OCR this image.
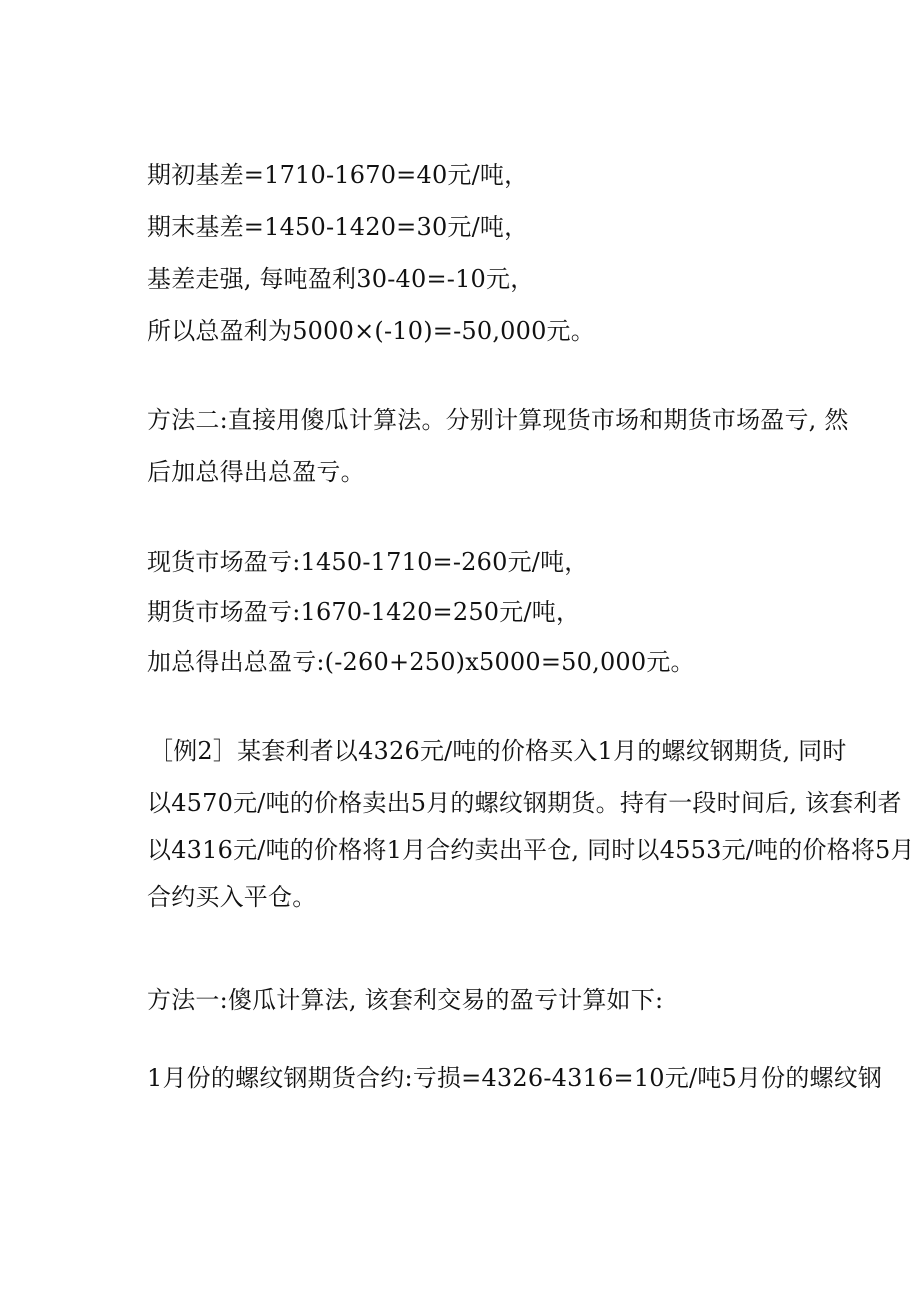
期初基差=1710-1670=40元/吨，
期末基差=1450-1420=30元/吨，
基差走强, 每吨盈利30-40=-10元，
所以总盈利为5000×(-10)=-50,000元。
方法二:直接用傻瓜计算法。分别计算现货市场和期货市场盈亏, 然
后加总得出总盈亏。
现货市场盈亏:1450-1710=-260元/吨，
期货市场盈亏:1670-1420=250元/吨，
加总得出总盈亏:(-260+250)x5000=50,000元。
［例2］某套利者以4326元/吨的价格买入1月的螺纹钢期货, 同时
以4570元/吨的价格卖出5月的螺纹钢期货。持有一段时间后, 该套利者
以4316元/吨的价格将1月合约卖出平仓, 同时以4553元/吨的价格将5月
合约买入平仓。
方法一:傻瓜计算法, 该套利交易的盈亏计算如下:
1月份的螺纹钢期货合约:亏损=4326-4316=10元/吨5月份的螺纹钢
